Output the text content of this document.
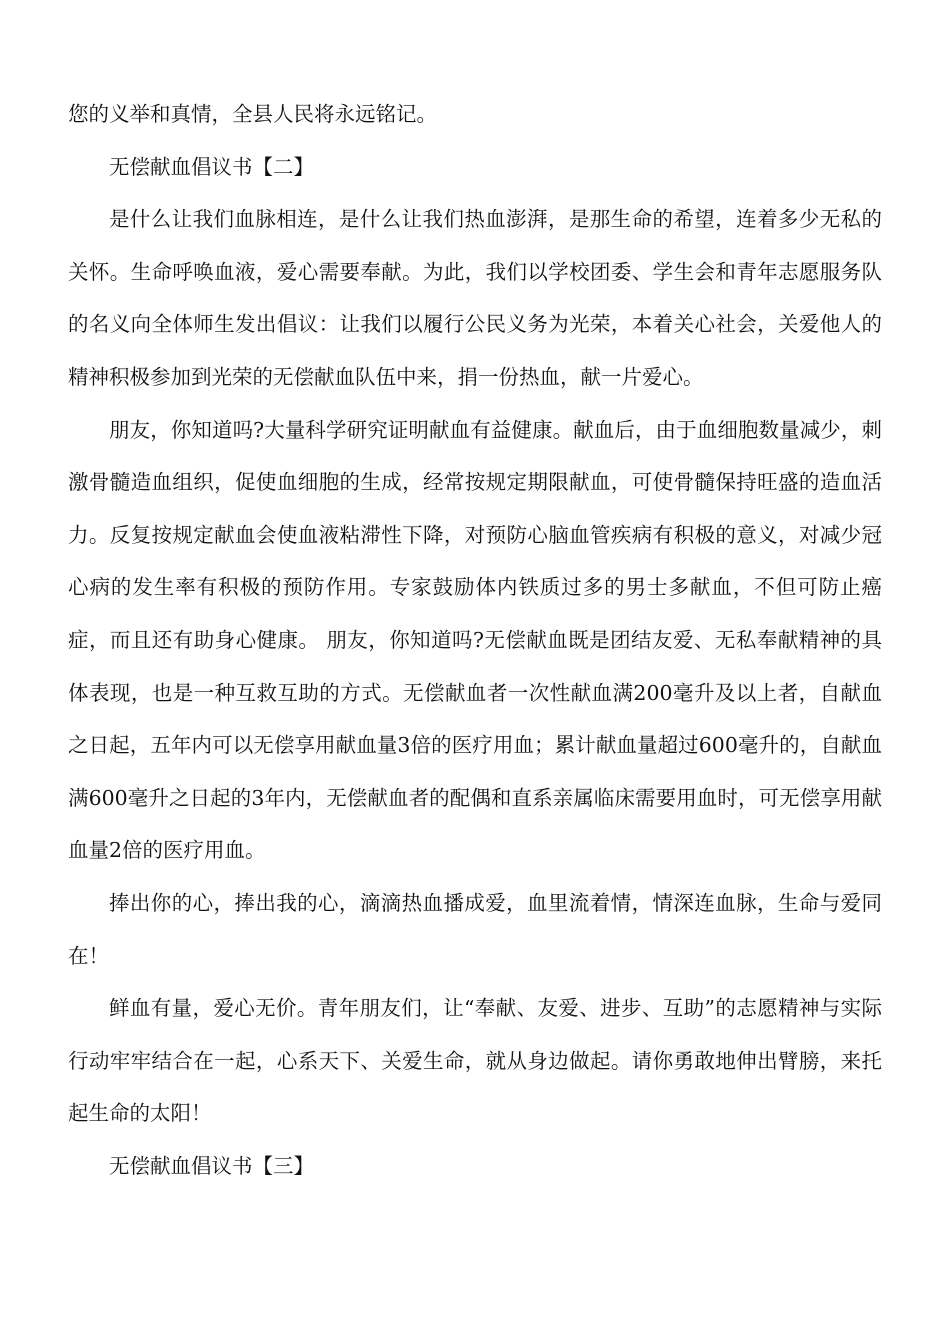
您的义举和真情，全县人民将永远铭记。

无偿献血倡议书【二】

是什么让我们血脉相连，是什么让我们热血澎湃，是那生命的希望，连着多少无私的关怀。生命呼唤血液，爱心需要奉献。为此，我们以学校团委、学生会和青年志愿服务队的名义向全体师生发出倡议：让我们以履行公民义务为光荣，本着关心社会，关爱他人的精神积极参加到光荣的无偿献血队伍中来，捐一份热血，献一片爱心。

朋友，你知道吗?大量科学研究证明献血有益健康。献血后，由于血细胞数量减少，刺激骨髓造血组织，促使血细胞的生成，经常按规定期限献血，可使骨髓保持旺盛的造血活力。反复按规定献血会使血液粘滞性下降，对预防心脑血管疾病有积极的意义，对减少冠心病的发生率有积极的预防作用。专家鼓励体内铁质过多的男士多献血，不但可防止癌症，而且还有助身心健康。 朋友，你知道吗?无偿献血既是团结友爱、无私奉献精神的具体表现，也是一种互救互助的方式。无偿献血者一次性献血满200毫升及以上者，自献血之日起，五年内可以无偿享用献血量3倍的医疗用血；累计献血量超过600毫升的，自献血满600毫升之日起的3年内，无偿献血者的配偶和直系亲属临床需要用血时，可无偿享用献血量2倍的医疗用血。

捧出你的心，捧出我的心，滴滴热血播成爱，血里流着情，情深连血脉，生命与爱同在！

鲜血有量，爱心无价。青年朋友们，让“奉献、友爱、进步、互助”的志愿精神与实际行动牢牢结合在一起，心系天下、关爱生命，就从身边做起。请你勇敢地伸出臂膀，来托起生命的太阳！

无偿献血倡议书【三】
